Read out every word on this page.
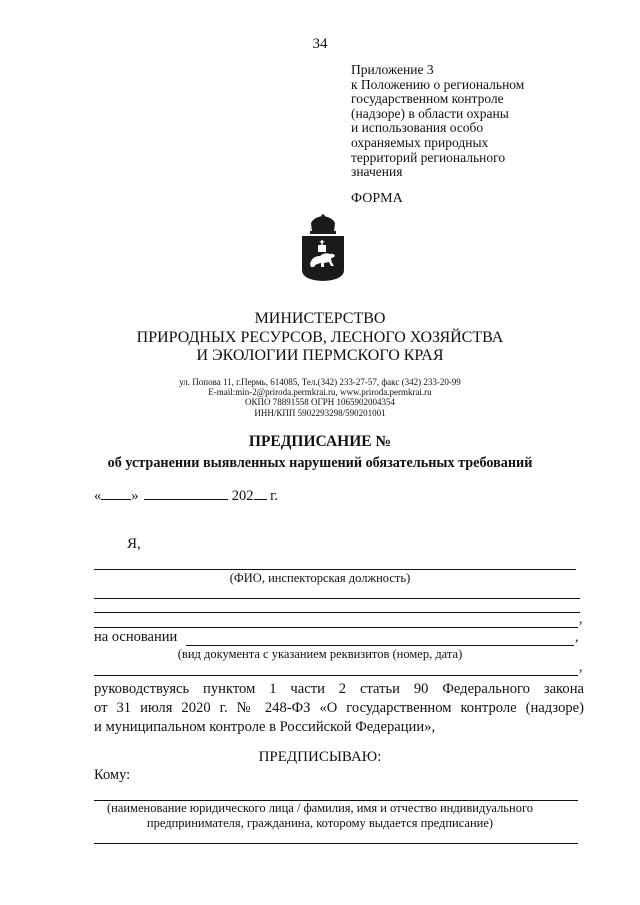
34
Приложение 3
к Положению о региональном
государственном контроле
(надзоре) в области охраны
и использования особо
охраняемых природных
территорий регионального
значения
ФОРМА
МИНИСТЕРСТВО
ПРИРОДНЫХ РЕСУРСОВ, ЛЕСНОГО ХОЗЯЙСТВА
И ЭКОЛОГИИ ПЕРМСКОГО КРАЯ
ул. Попова 11, г.Пермь, 614085, Тел.(342) 233-27-57, факс (342) 233-20-99
E-mail:min-2@priroda.permkrai.ru, www.priroda.permkrai.ru
ОКПО 78891558 ОГРН 1065902004354
ИНН/КПП 5902293298/590201001
ПРЕДПИСАНИЕ №
об устранении выявленных нарушений обязательных требований
« »	202 г.
Я,
(ФИО, инспекторская должность)
,
на основании	,
(вид документа с указанием реквизитов (номер, дата)
,
руководствуясь пунктом 1 части 2 статьи 90 Федерального закона
от 31 июля 2020 г. № 248-ФЗ «О государственном контроле (надзоре)
и муниципальном контроле в Российской Федерации»,
ПРЕДПИСЫВАЮ:
Кому:
(наименование юридического лица / фамилия, имя и отчество индивидуального
предпринимателя, гражданина, которому выдается предписание)
